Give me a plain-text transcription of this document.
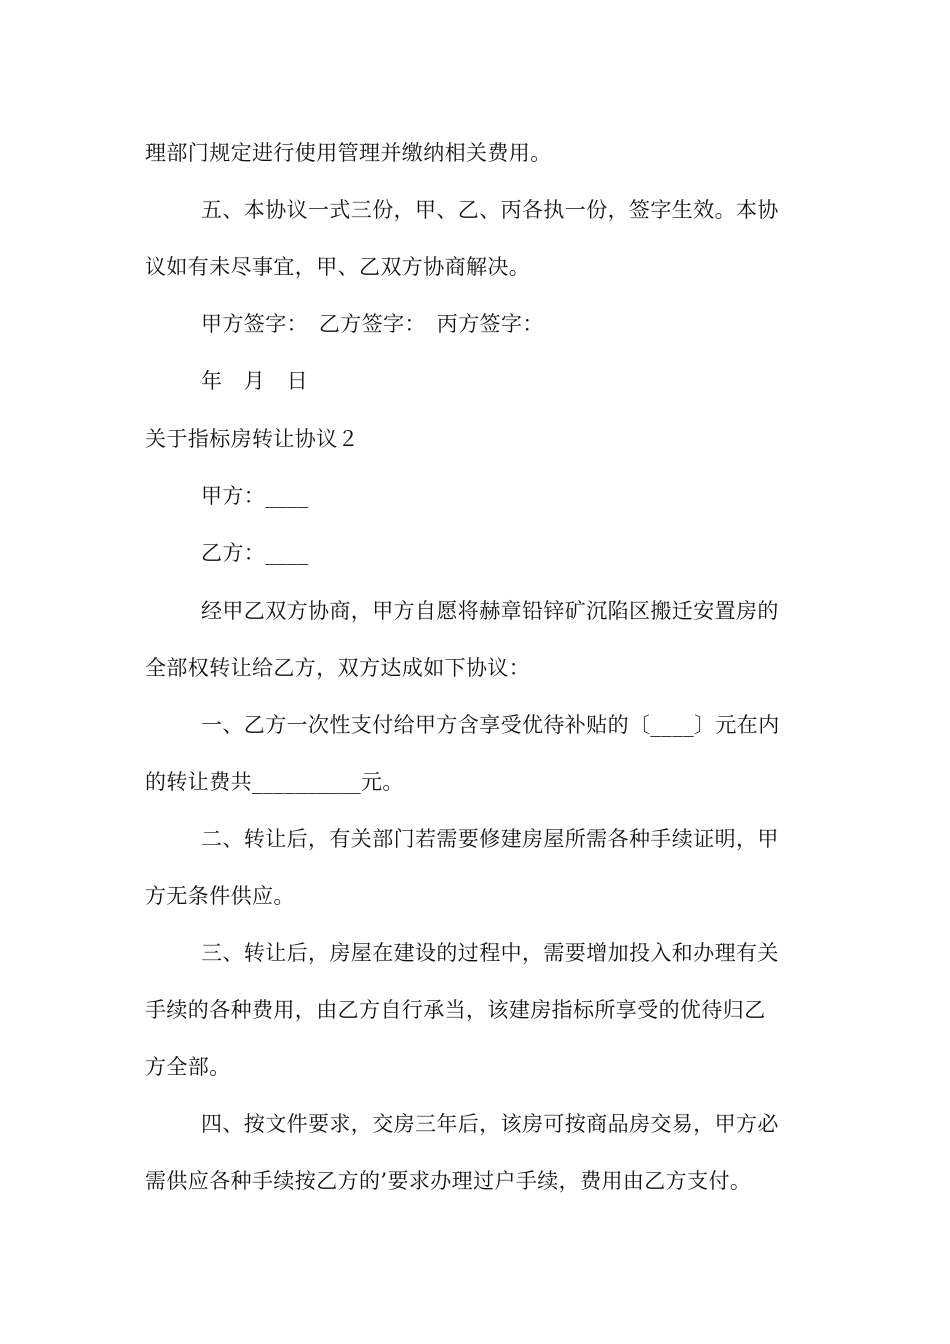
理部门规定进行使用管理并缴纳相关费用。
五、本协议一式三份，甲、乙、丙各执一份，签字生效。本协
议如有未尽事宜，甲、乙双方协商解决。
甲方签字：　乙方签字：　丙方签字：
年　月　日
关于指标房转让协议２
甲方：____
乙方：____
经甲乙双方协商，甲方自愿将赫章铅锌矿沉陷区搬迁安置房的
全部权转让给乙方，双方达成如下协议：
一、乙方一次性支付给甲方含享受优待补贴的〔____〕元在内
的转让费共__________元。
二、转让后，有关部门若需要修建房屋所需各种手续证明，甲
方无条件供应。
三、转让后，房屋在建设的过程中，需要增加投入和办理有关
手续的各种费用，由乙方自行承当，该建房指标所享受的优待归乙
方全部。
四、按文件要求，交房三年后，该房可按商品房交易，甲方必
需供应各种手续按乙方的’要求办理过户手续，费用由乙方支付。
